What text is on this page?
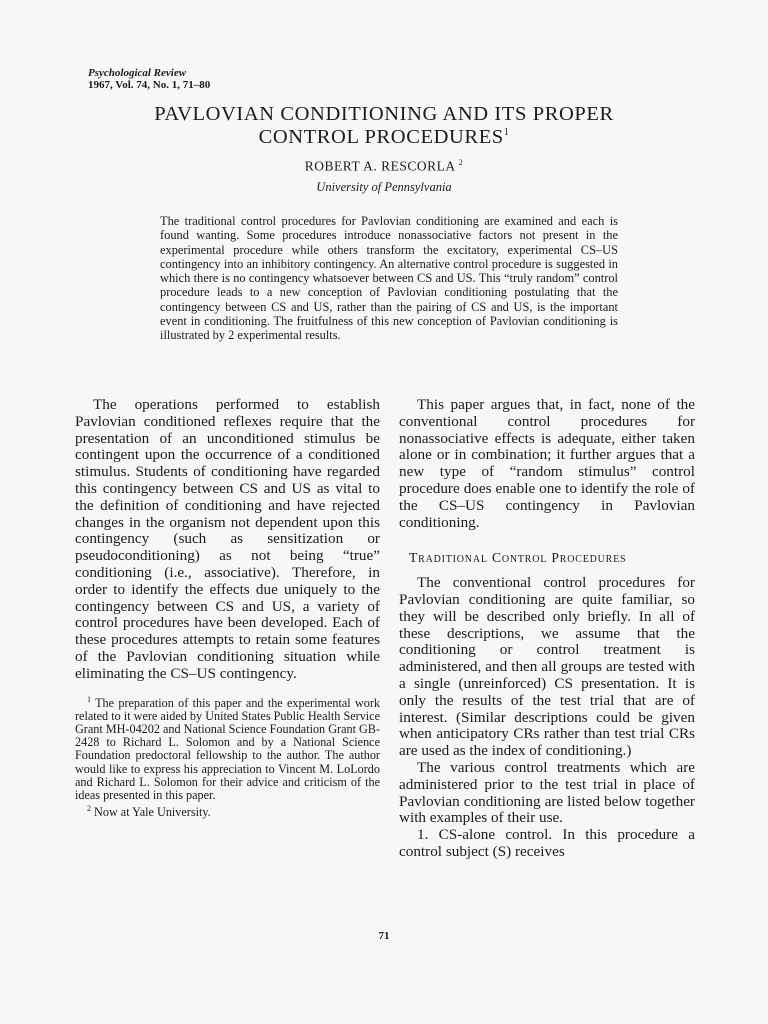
Psychological Review
1967, Vol. 74, No. 1, 71–80
PAVLOVIAN CONDITIONING AND ITS PROPER
CONTROL PROCEDURES$^1$
ROBERT A. RESCORLA $^2$
University of Pennsylvania
The traditional control procedures for Pavlovian conditioning are examined and each is found wanting. Some procedures introduce nonassociative factors not present in the experimental procedure while others transform the excitatory, experimental CS–US contingency into an inhibitory contingency. An alternative control procedure is suggested in which there is no contingency whatsoever between CS and US. This “truly random” control procedure leads to a new conception of Pavlovian conditioning postulating that the contingency between CS and US, rather than the pairing of CS and US, is the important event in conditioning. The fruitfulness of this new conception of Pavlovian conditioning is illustrated by 2 experimental results.

The operations performed to establish Pavlovian conditioned reflexes require that the presentation of an unconditioned stimulus be contingent upon the occurrence of a conditioned stimulus. Students of conditioning have regarded this contingency between CS and US as vital to the definition of conditioning and have rejected changes in the organism not dependent upon this contingency (such as sensitization or pseudoconditioning) as not being “true” conditioning (i.e., associative). Therefore, in order to identify the effects due uniquely to the contingency between CS and US, a variety of control procedures have been developed. Each of these procedures attempts to retain some features of the Pavlovian conditioning situation while eliminating the CS–US contingency.

$^1$ The preparation of this paper and the experimental work related to it were aided by United States Public Health Service Grant MH-04202 and National Science Foundation Grant GB-2428 to Richard L. Solomon and by a National Science Foundation predoctoral fellowship to the author. The author would like to express his appreciation to Vincent M. LoLordo and Richard L. Solomon for their advice and criticism of the ideas presented in this paper.

$^2$ Now at Yale University.

This paper argues that, in fact, none of the conventional control procedures for nonassociative effects is adequate, either taken alone or in combination; it further argues that a new type of “random stimulus” control procedure does enable one to identify the role of the CS–US contingency in Pavlovian conditioning.

Traditional Control Procedures

The conventional control procedures for Pavlovian conditioning are quite familiar, so they will be described only briefly. In all of these descriptions, we assume that the conditioning or control treatment is administered, and then all groups are tested with a single (unreinforced) CS presentation. It is only the results of the test trial that are of interest. (Similar descriptions could be given when anticipatory CRs rather than test trial CRs are used as the index of conditioning.)

The various control treatments which are administered prior to the test trial in place of Pavlovian conditioning are listed below together with examples of their use.

1. CS-alone control. In this procedure a control subject (S) receives

71
